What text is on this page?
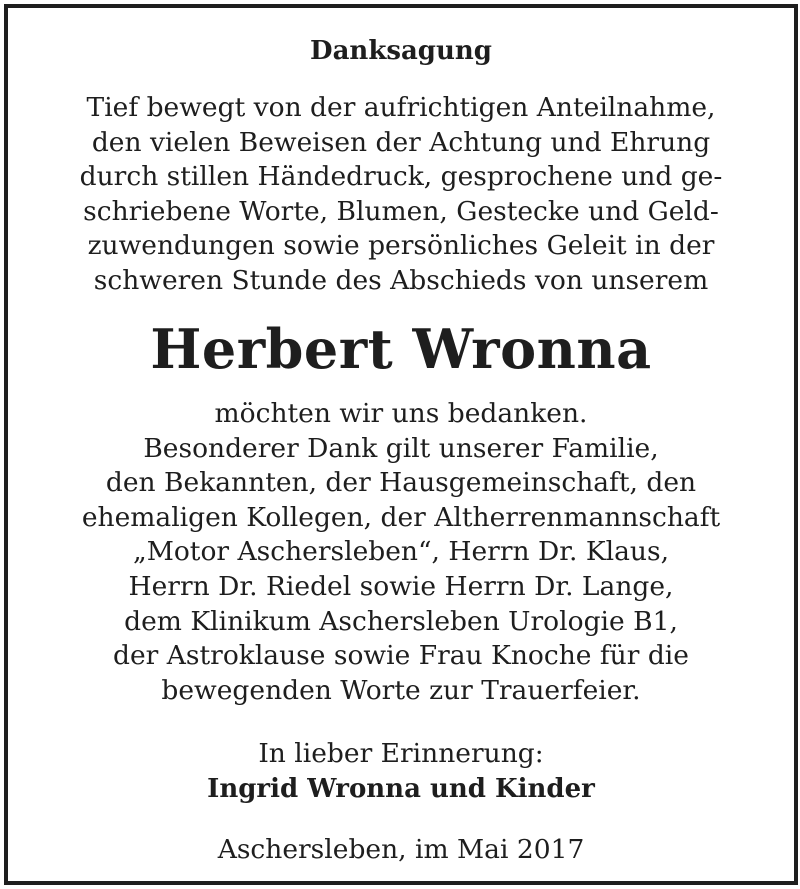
Danksagung
Tief bewegt von der aufrichtigen Anteilnahme,
den vielen Beweisen der Achtung und Ehrung
durch stillen Händedruck, gesprochene und ge-
schriebene Worte, Blumen, Gestecke und Geld-
zuwendungen sowie persönliches Geleit in der
schweren Stunde des Abschieds von unserem
Herbert Wronna
möchten wir uns bedanken.
Besonderer Dank gilt unserer Familie,
den Bekannten, der Hausgemeinschaft, den
ehemaligen Kollegen, der Altherrenmannschaft
„Motor Aschersleben“, Herrn Dr. Klaus,
Herrn Dr. Riedel sowie Herrn Dr. Lange,
dem Klinikum Aschersleben Urologie B1,
der Astroklause sowie Frau Knoche für die
bewegenden Worte zur Trauerfeier.
In lieber Erinnerung:
Ingrid Wronna und Kinder
Aschersleben, im Mai 2017
